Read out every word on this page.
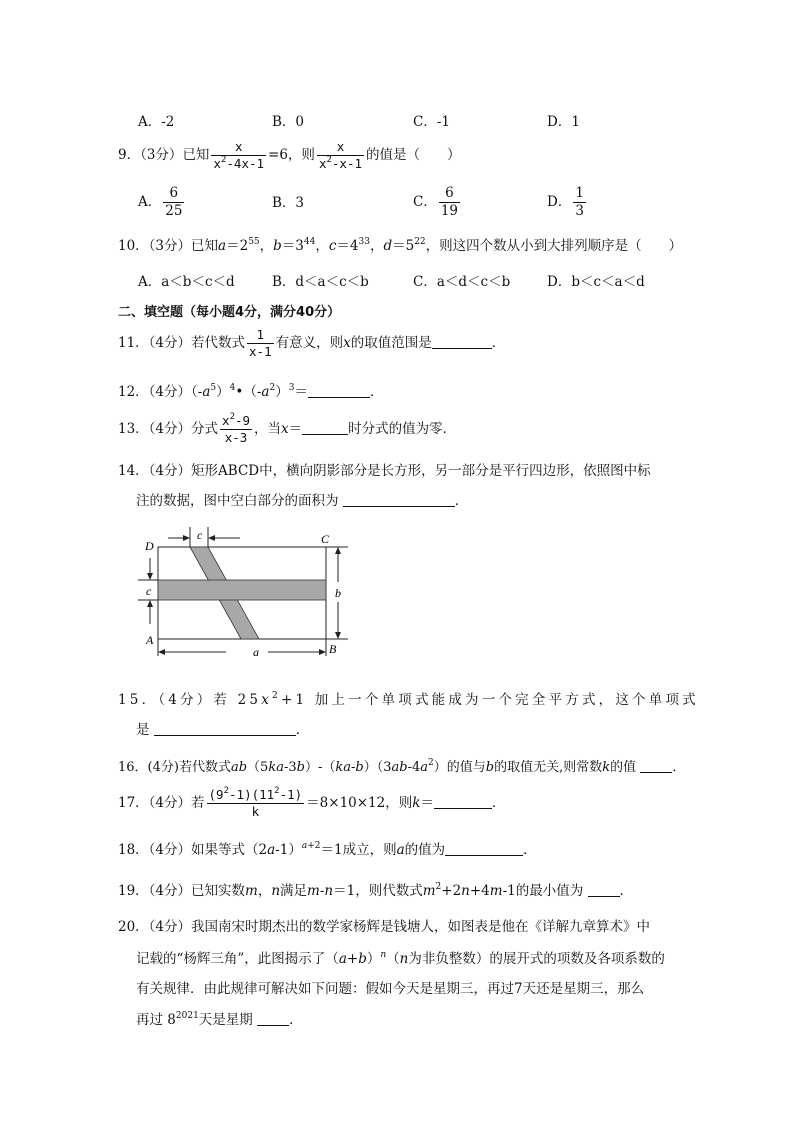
A．-2	B．0	C．-1	D．1
9．（3分）已知 $\frac{x}{x^2-4x-1} =6$，则 $\frac{x}{x^2-x-1}$ 的值是（　　）
A． $\frac{6}{25}$	B．3	C． $\frac{6}{19}$	D． $\frac{1}{3}$
10．（3分）已知$a=2^{55}$，$b=3^{44}$，$c=4^{33}$，$d=5^{22}$，则这四个数从小到大排列顺序是（　　）
A．a＜b＜c＜d	B．d＜a＜c＜b	C．a＜d＜c＜b	D．b＜c＜a＜d
二、填空题（每小题4分，满分40分）
11．（4分）若代数式 $\frac{1}{x-1}$ 有意义，则x的取值范围是	．
12．（4分）$(-a^5)^4•(-a^2)^3=$	．
13．（4分）分式 $\frac{x^2-9}{x-3}$ ，当x＝	时分式的值为零．
14．（4分）矩形ABCD中，横向阴影部分是长方形，另一部分是平行四边形，依照图中标
注的数据，图中空白部分的面积为	．
D	C
A
B
c
c	b
a
15．（4分）若 $25x^2+1$ 加上一个单项式能成为一个完全平方式，这个单项式
是	．
16．(4分)若代数式$ab(5ka-3b)-(ka-b)(3ab-4a^2)$的值与b的取值无关,则常数k的值	．
17．（4分）若 $\frac{(9^2-1)(11^2-1)}{k} =8\times 10\times 12$，则k＝	．
18．（4分）如果等式$(2a-1)^{a+2}=1$成立，则a的值为	．
19．（4分）已知实数m，n满足m-n＝1，则代数式$m^2+2n+4m-1$的最小值为	．
20．（4分）我国南宋时期杰出的数学家杨辉是钱塘人，如图表是他在《详解九章算术》中
记载的“杨辉三角”，此图揭示了$(a+b)^n(n$为非负整数）的展开式的项数及各项系数的
有关规律．由此规律可解决如下问题：假如今天是星期三，再过7天还是星期三，那么
再过 $8^{2021}$天是星期	．
